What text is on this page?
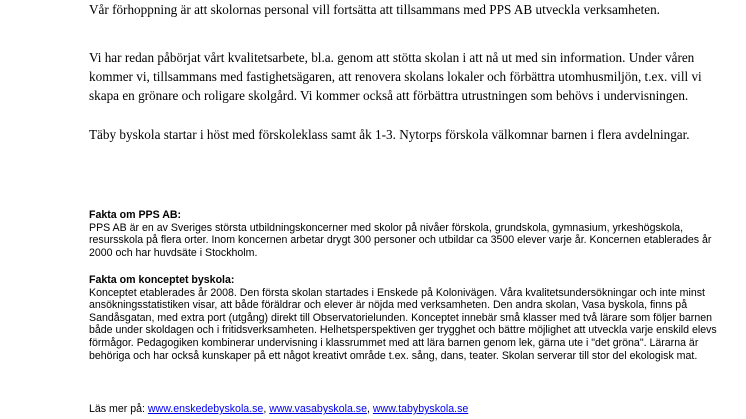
Vår förhoppning är att skolornas personal vill fortsätta att tillsammans med PPS AB utveckla verksamheten.

Vi har redan påbörjat vårt kvalitetsarbete, bl.a. genom att stötta skolan i att nå ut med sin information. Under våren kommer vi, tillsammans med fastighetsägaren, att renovera skolans lokaler och förbättra utomhusmiljön, t.ex. vill vi skapa en grönare och roligare skolgård. Vi kommer också att förbättra utrustningen som behövs i undervisningen.

Täby byskola startar i höst med förskoleklass samt åk 1-3. Nytorps förskola välkomnar barnen i flera avdelningar.

Fakta om PPS AB:

PPS AB är en av Sveriges största utbildningskoncerner med skolor på nivåer förskola, grundskola, gymnasium, yrkeshögskola, resursskola på flera orter. Inom koncernen arbetar drygt 300 personer och utbildar ca 3500 elever varje år. Koncernen etablerades år 2000 och har huvdsäte i Stockholm.

Fakta om konceptet byskola:

Konceptet etablerades år 2008. Den första skolan startades i Enskede på Kolonivägen. Våra kvalitetsundersökningar och inte minst ansökningsstatistiken visar, att både föräldrar och elever är nöjda med verksamheten. Den andra skolan, Vasa byskola, finns på Sandåsgatan, med extra port (utgång) direkt till Observatorielunden. Konceptet innebär små klasser med två lärare som följer barnen både under skoldagen och i fritidsverksamheten. Helhetsperspektiven ger trygghet och bättre möjlighet att utveckla varje enskild elevs förmågor. Pedagogiken kombinerar undervisning i klassrummet med att lära barnen genom lek, gärna ute i "det gröna". Lärarna är behöriga och har också kunskaper på ett något kreativt område t.ex. sång, dans, teater. Skolan serverar till stor del ekologisk mat.

Läs mer på: www.enskedebyskola.se, www.vasabyskola.se, www.tabybyskola.se
